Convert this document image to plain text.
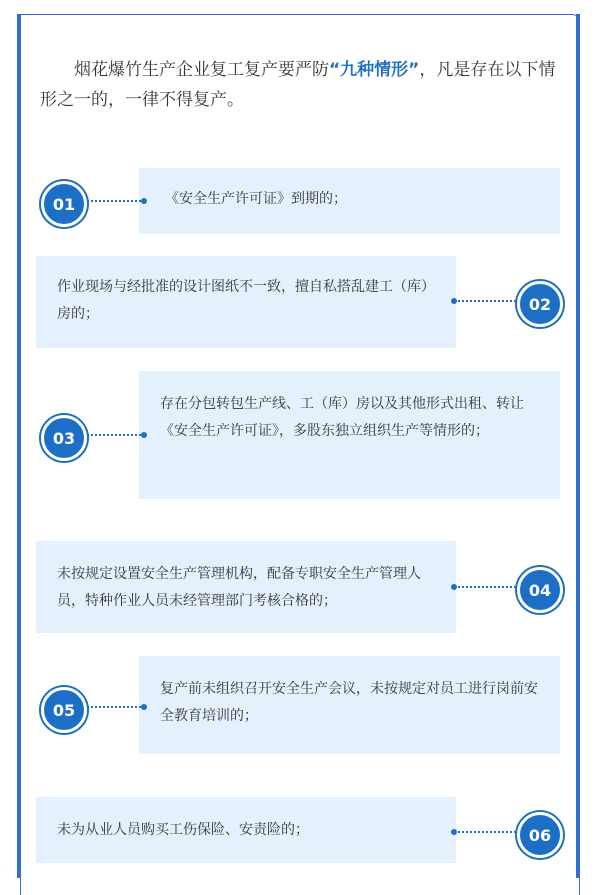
烟花爆竹生产企业复工复产要严防“九种情形”，凡是存在以下情形之一的，一律不得复产。
《安全生产许可证》到期的；
01
作业现场与经批准的设计图纸不一致，擅自私搭乱建工（库）房的；
02
存在分包转包生产线、工（库）房以及其他形式出租、转让《安全生产许可证》，多股东独立组织生产等情形的；
03
未按规定设置安全生产管理机构，配备专职安全生产管理人员，特种作业人员未经管理部门考核合格的；
04
复产前未组织召开安全生产会议，未按规定对员工进行岗前安全教育培训的；
05
未为从业人员购买工伤保险、安责险的；	06
